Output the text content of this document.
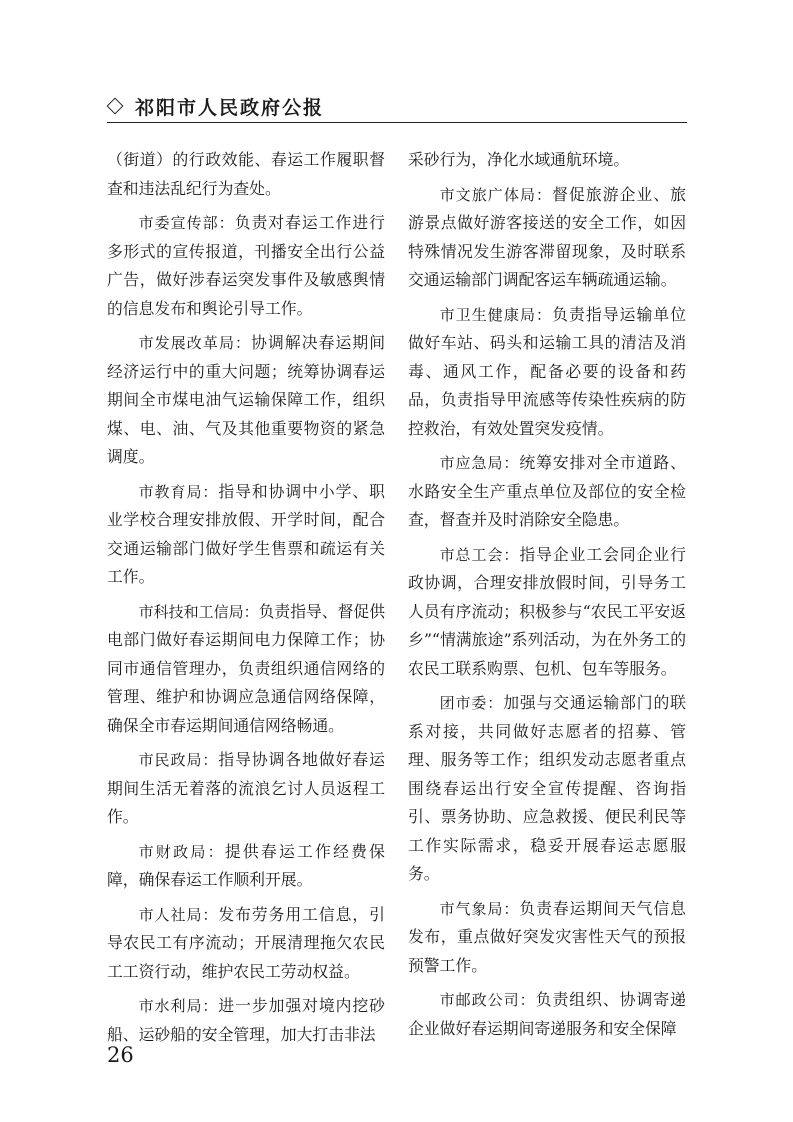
祁阳市人民政府公报

（街道）的行政效能、春运工作履职督查和违法乱纪行为查处。

市委宣传部：负责对春运工作进行多形式的宣传报道，刊播安全出行公益广告，做好涉春运突发事件及敏感舆情的信息发布和舆论引导工作。

市发展改革局：协调解决春运期间经济运行中的重大问题；统筹协调春运期间全市煤电油气运输保障工作，组织煤、电、油、气及其他重要物资的紧急调度。

市教育局：指导和协调中小学、职业学校合理安排放假、开学时间，配合交通运输部门做好学生售票和疏运有关工作。

市科技和工信局：负责指导、督促供电部门做好春运期间电力保障工作；协同市通信管理办，负责组织通信网络的管理、维护和协调应急通信网络保障，确保全市春运期间通信网络畅通。

市民政局：指导协调各地做好春运期间生活无着落的流浪乞讨人员返程工作。

市财政局：提供春运工作经费保障，确保春运工作顺利开展。

市人社局：发布劳务用工信息，引导农民工有序流动；开展清理拖欠农民工工资行动，维护农民工劳动权益。

市水利局：进一步加强对境内挖砂船、运砂船的安全管理，加大打击非法

采砂行为，净化水域通航环境。

市文旅广体局：督促旅游企业、旅游景点做好游客接送的安全工作，如因特殊情况发生游客滞留现象，及时联系交通运输部门调配客运车辆疏通运输。

市卫生健康局：负责指导运输单位做好车站、码头和运输工具的清洁及消毒、通风工作，配备必要的设备和药品，负责指导甲流感等传染性疾病的防控救治，有效处置突发疫情。

市应急局：统筹安排对全市道路、水路安全生产重点单位及部位的安全检查，督查并及时消除安全隐患。

市总工会：指导企业工会同企业行政协调，合理安排放假时间，引导务工人员有序流动；积极参与“农民工平安返乡”“情满旅途”系列活动，为在外务工的农民工联系购票、包机、包车等服务。

团市委：加强与交通运输部门的联系对接，共同做好志愿者的招募、管理、服务等工作；组织发动志愿者重点围绕春运出行安全宣传提醒、咨询指引、票务协助、应急救援、便民利民等工作实际需求，稳妥开展春运志愿服务。

市气象局：负责春运期间天气信息发布，重点做好突发灾害性天气的预报预警工作。

市邮政公司：负责组织、协调寄递企业做好春运期间寄递服务和安全保障

26
